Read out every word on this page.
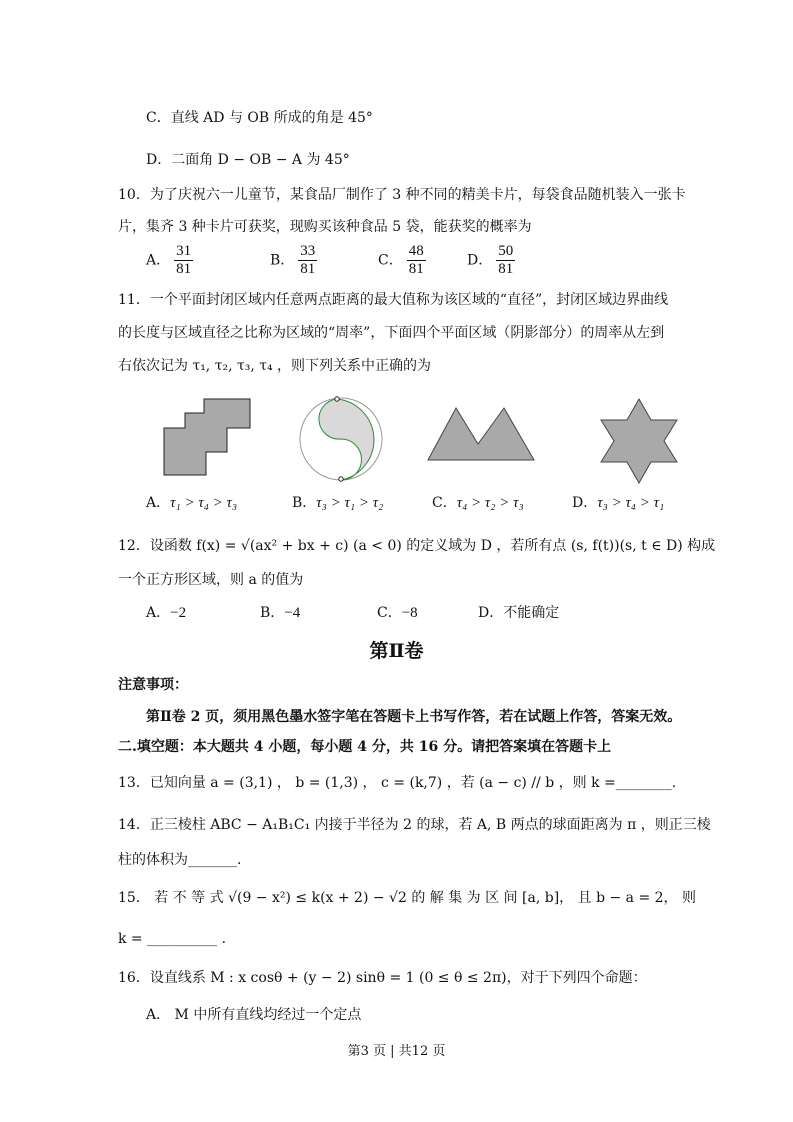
C．直线 AD 与 OB 所成的角是 45°
D．二面角 D − OB − A 为 45°
10．为了庆祝六一儿童节，某食品厂制作了 3 种不同的精美卡片，每袋食品随机装入一张卡
片，集齐 3 种卡片可获奖，现购买该种食品 5 袋，能获奖的概率为
A． $\frac{31}{81}$	B． $\frac{33}{81}$	C． $\frac{48}{81}$	D． $\frac{50}{81}$
11．一个平面封闭区域内任意两点距离的最大值称为该区域的“直径”，封闭区域边界曲线
的长度与区域直径之比称为区域的“周率”，下面四个平面区域（阴影部分）的周率从左到
右依次记为 τ₁, τ₂, τ₃, τ₄ ，则下列关系中正确的为
A．τ₁ > τ₄ > τ₃	B．τ₃ > τ₁ > τ₂	C．τ₄ > τ₂ > τ₃	D．τ₃ > τ₄ > τ₁
12．设函数 f(x) = √(ax² + bx + c) (a < 0) 的定义域为 D ，若所有点 (s, f(t))(s, t ∈ D) 构成
一个正方形区域，则 a 的值为
A．−2	B．−4	C．−8	D．不能确定
第Ⅱ卷
注意事项：
第Ⅱ卷 2 页，须用黑色墨水签字笔在答题卡上书写作答，若在试题上作答，答案无效。
二.填空题：本大题共 4 小题，每小题 4 分，共 16 分。请把答案填在答题卡上
13．已知向量 a = (3,1) ， b = (1,3) ， c = (k,7) ，若 (a − c) // b ，则 k =________.
14．正三棱柱 ABC − A₁B₁C₁ 内接于半径为 2 的球，若 A, B 两点的球面距离为 π ，则正三棱
柱的体积为_______.
15． 若 不 等 式 √(9 − x²) ≤ k(x + 2) − √2 的 解 集 为 区 间 [a, b]， 且 b − a = 2， 则
k = __________ .
16．设直线系 M : x cosθ + (y − 2) sinθ = 1 (0 ≤ θ ≤ 2π)，对于下列四个命题：
A． M 中所有直线均经过一个定点
第3 页 | 共12 页
